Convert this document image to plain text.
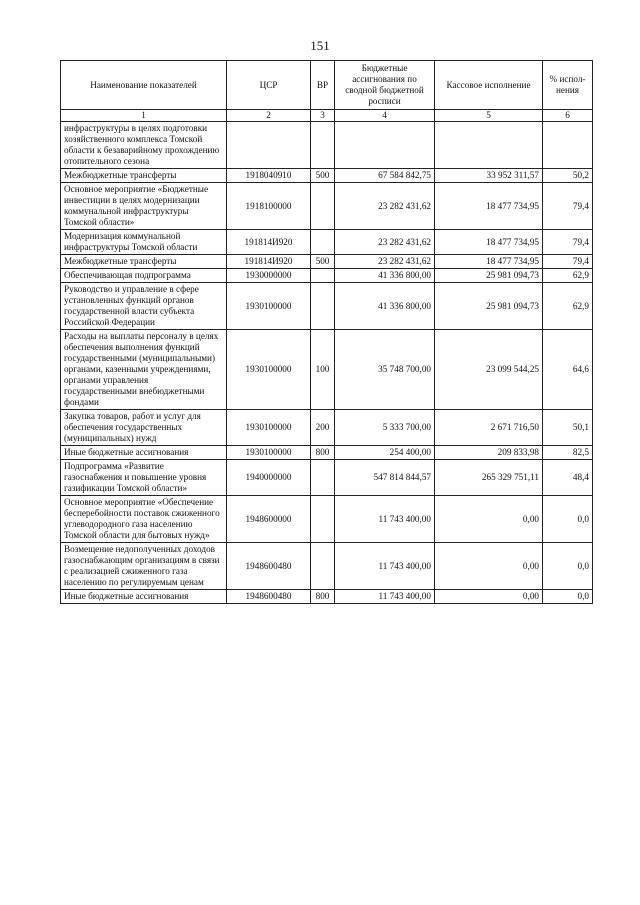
151
Наименование показателей	ЦСР	ВР	Бюджетные ассигнования по сводной бюджетной росписи	Кассовое исполнение	% испол-нения
1	2	3	4	5	6
инфраструктуры в целях подготовки хозяйственного комплекса Томской области к безаварийному прохождению отопительного сезона					
Межбюджетные трансферты	1918040910	500	67 584 842,75	33 952 311,57	50,2
Основное мероприятие «Бюджетные инвестиции в целях модернизации коммунальной инфраструктуры Томской области»	1918100000		23 282 431,62	18 477 734,95	79,4
Модернизация коммунальной инфраструктуры Томской области	191814И920		23 282 431,62	18 477 734,95	79,4
Межбюджетные трансферты	191814И920	500	23 282 431,62	18 477 734,95	79,4
Обеспечивающая подпрограмма	1930000000		41 336 800,00	25 981 094,73	62,9
Руководство и управление в сфере установленных функций органов государственной власти субъекта Российской Федерации	1930100000		41 336 800,00	25 981 094,73	62,9
Расходы на выплаты персоналу в целях обеспечения выполнения функций государственными (муниципальными) органами, казенными учреждениями, органами управления государственными внебюджетными фондами	1930100000	100	35 748 700,00	23 099 544,25	64,6
Закупка товаров, работ и услуг для обеспечения государственных (муниципальных) нужд	1930100000	200	5 333 700,00	2 671 716,50	50,1
Иные бюджетные ассигнования	1930100000	800	254 400,00	209 833,98	82,5
Подпрограмма «Развитие газоснабжения и повышение уровня газификации Томской области»	1940000000		547 814 844,57	265 329 751,11	48,4
Основное мероприятие «Обеспечение бесперебойности поставок сжиженного углеводородного газа населению Томской области для бытовых нужд»	1948600000		11 743 400,00	0,00	0,0
Возмещение недополученных доходов газоснабжающим организациям в связи с реализацией сжиженного газа населению по регулируемым ценам	1948600480		11 743 400,00	0,00	0,0
Иные бюджетные ассигнования	1948600480	800	11 743 400,00	0,00	0,0
